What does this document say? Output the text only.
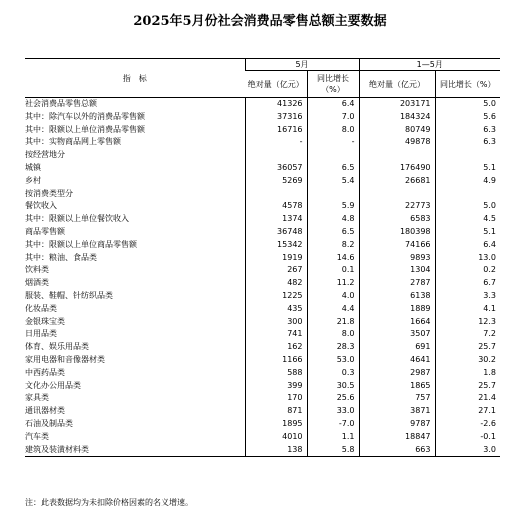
2025年5月份社会消费品零售总额主要数据
指　标	5月		1—5月	
	绝对量（亿元）	同比增长（%）	绝对量（亿元）	同比增长（%）
社会消费品零售总额	41326	6.4	203171	5.0
其中：除汽车以外的消费品零售额	37316	7.0	184324	5.6
其中：限额以上单位消费品零售额	16716	8.0	80749	6.3
其中：实物商品网上零售额	-	-	49878	6.3
按经营地分				
城镇	36057	6.5	176490	5.1
乡村	5269	5.4	26681	4.9
按消费类型分				
餐饮收入	4578	5.9	22773	5.0
其中：限额以上单位餐饮收入	1374	4.8	6583	4.5
商品零售额	36748	6.5	180398	5.1
其中：限额以上单位商品零售额	15342	8.2	74166	6.4
其中：粮油、食品类	1919	14.6	9893	13.0
饮料类	267	0.1	1304	0.2
烟酒类	482	11.2	2787	6.7
服装、鞋帽、针纺织品类	1225	4.0	6138	3.3
化妆品类	435	4.4	1889	4.1
金银珠宝类	300	21.8	1664	12.3
日用品类	741	8.0	3507	7.2
体育、娱乐用品类	162	28.3	691	25.7
家用电器和音像器材类	1166	53.0	4641	30.2
中西药品类	588	0.3	2987	1.8
文化办公用品类	399	30.5	1865	25.7
家具类	170	25.6	757	21.4
通讯器材类	871	33.0	3871	27.1
石油及制品类	1895	-7.0	9787	-2.6
汽车类	4010	1.1	18847	-0.1
建筑及装潢材料类	138	5.8	663	3.0
注：此表数据均为未扣除价格因素的名义增速。
